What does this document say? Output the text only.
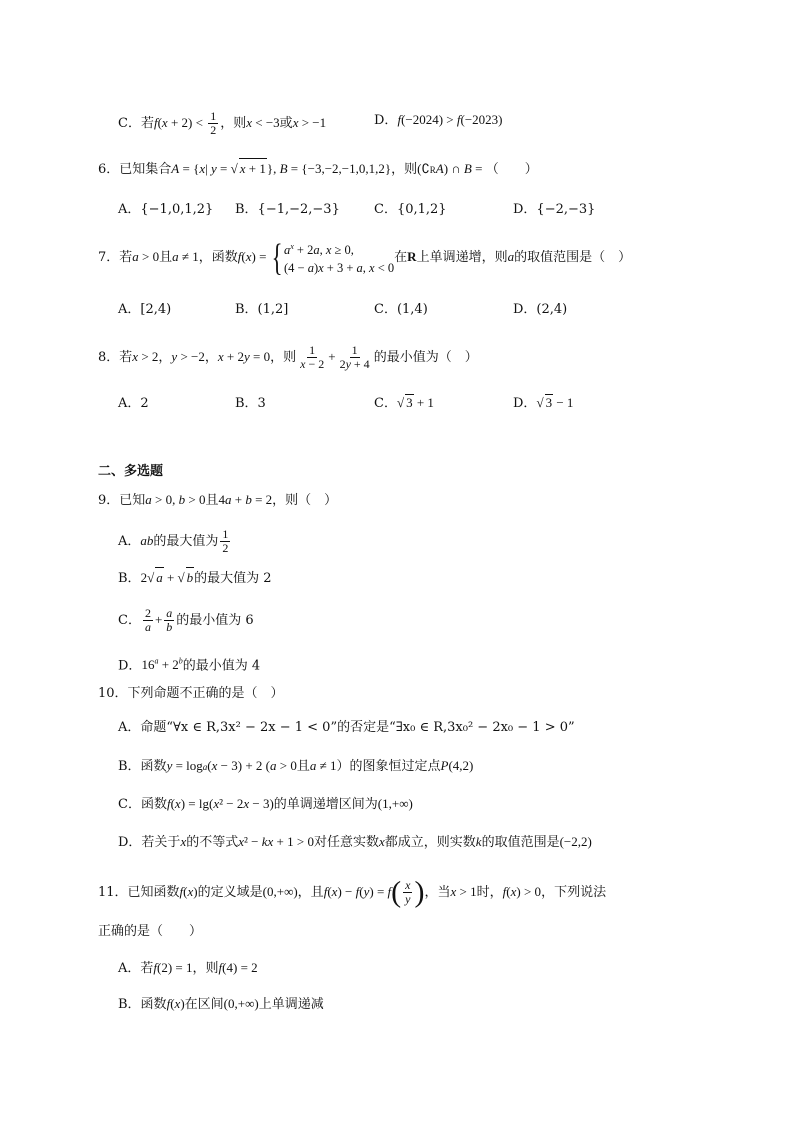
C．若$f(x + 2) < \frac{1}{2}$ ，则x < −3或x > −1	D．f(−2024) > f(−2023)
6．已知集合A = {x| y = √ x + 1}, B = {−3,−2,−1,0,1,2}，则(∁RA) ∩ B = （　　）
A．{−1,0,1,2} B．{−1,−2,−3}	C．{0,1,2}	D．{−2,−3}
7．若a > 0且a ≠ 1，函数f(x) = { $a^x + 2a$, x ≥ 0,
(4 − a)x + 3 + a, x < 0
在R上单调递增，则a的取值范围是（　）
A．[2,4)	B．(1,2]	C．(1,4)	D．(2,4)
8．若x > 2，y > −2，x + 2y = 0，则 $\frac{1}{x - 2} + \frac{1}{2y + 4}$ 的最小值为（　）
A．2	B．3	C．√ 3 + 1	D．√ 3 − 1
二、多选题
9．已知a > 0, b > 0且4a + b = 2，则（　）
A．ab的最大值为 $\frac{1}{2}$
B．2√ a + √ b的最大值为 2
C． $\frac{2}{a} + \frac{a}{b}$ 的最小值为 6
D．$16^a + 2^b$的最小值为 4
10．下列命题不正确的是（　）
A．命题“∀x ∈ R,3x² − 2x − 1 < 0”的否定是“∃x₀ ∈ R,3x₀² − 2x₀ − 1 > 0”
B．函数y = loga(x − 3) + 2 (a > 0且a ≠ 1）的图象恒过定点P(4,2)
C．函数f(x) = lg(x² − 2x − 3)的单调递增区间为(1,+∞)
D．若关于x的不等式x² − kx + 1 > 0对任意实数x都成立，则实数k的取值范围是(−2,2)
11．已知函数f(x)的定义域是(0,+∞)，且$f(x) - f(y) = f( \frac{x}{y}$ )，当x > 1时，f(x) > 0，下列说法
正确的是（　　）
A．若f(2) = 1，则f(4) = 2
B．函数f(x)在区间(0,+∞)上单调递减
